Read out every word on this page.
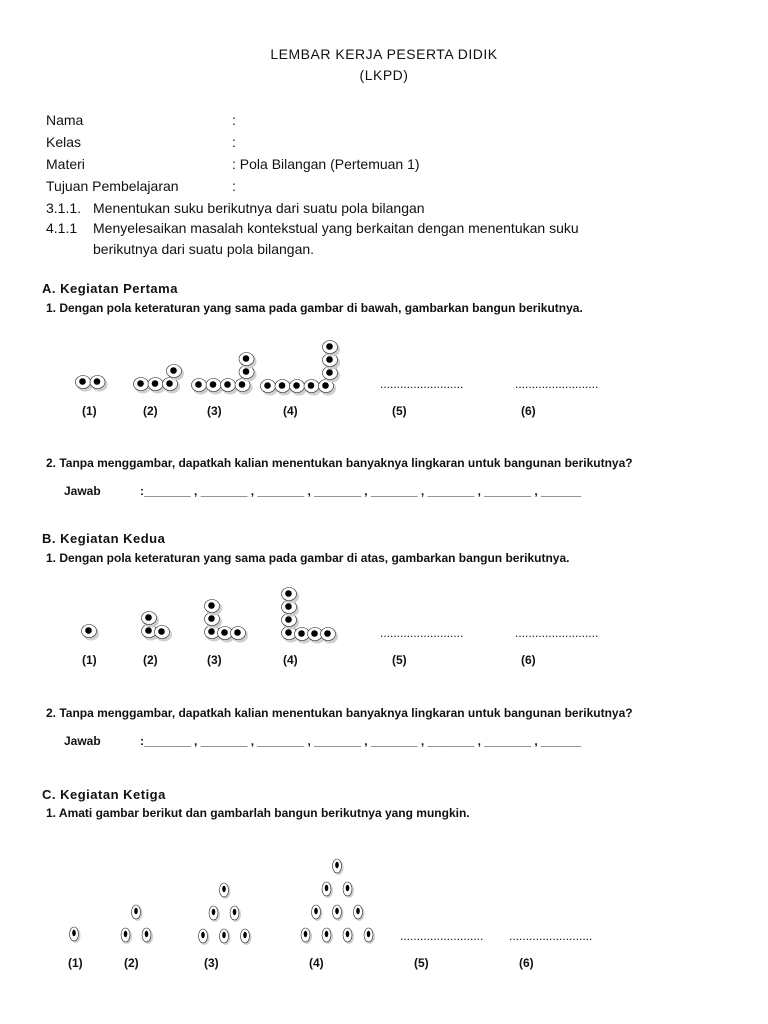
LEMBAR KERJA PESERTA DIDIK
(LKPD)
Nama	:
Kelas	:
Materi	: Pola Bilangan (Pertemuan 1)
Tujuan Pembelajaran	:
3.1.1. Menentukan suku berikutnya dari suatu pola bilangan
4.1.1 Menyelesaikan masalah kontekstual yang berkaitan dengan menentukan suku
berikutnya dari suatu pola bilangan.
A. Kegiatan Pertama
1. Dengan pola keteraturan yang sama pada gambar di bawah, gambarkan bangun berikutnya.
.........................	.........................
(1)	(2)	(3)	(4)	(5)	(6)
2. Tanpa menggambar, dapatkah kalian menentukan banyaknya lingkaran untuk bangunan berikutnya?
Jawab	:_______ , _______ , _______ , _______ , _______ , _______ , _______ , ______
B. Kegiatan Kedua
1. Dengan pola keteraturan yang sama pada gambar di atas, gambarkan bangun berikutnya.
.........................	.........................
(1)	(2)	(3)	(4)	(5)	(6)
2. Tanpa menggambar, dapatkah kalian menentukan banyaknya lingkaran untuk bangunan berikutnya?
Jawab	:_______ , _______ , _______ , _______ , _______ , _______ , _______ , ______
C. Kegiatan Ketiga
1. Amati gambar berikut dan gambarlah bangun berikutnya yang mungkin.
......................... .........................
(1)	(2)	(3)	(4)	(5)	(6)
